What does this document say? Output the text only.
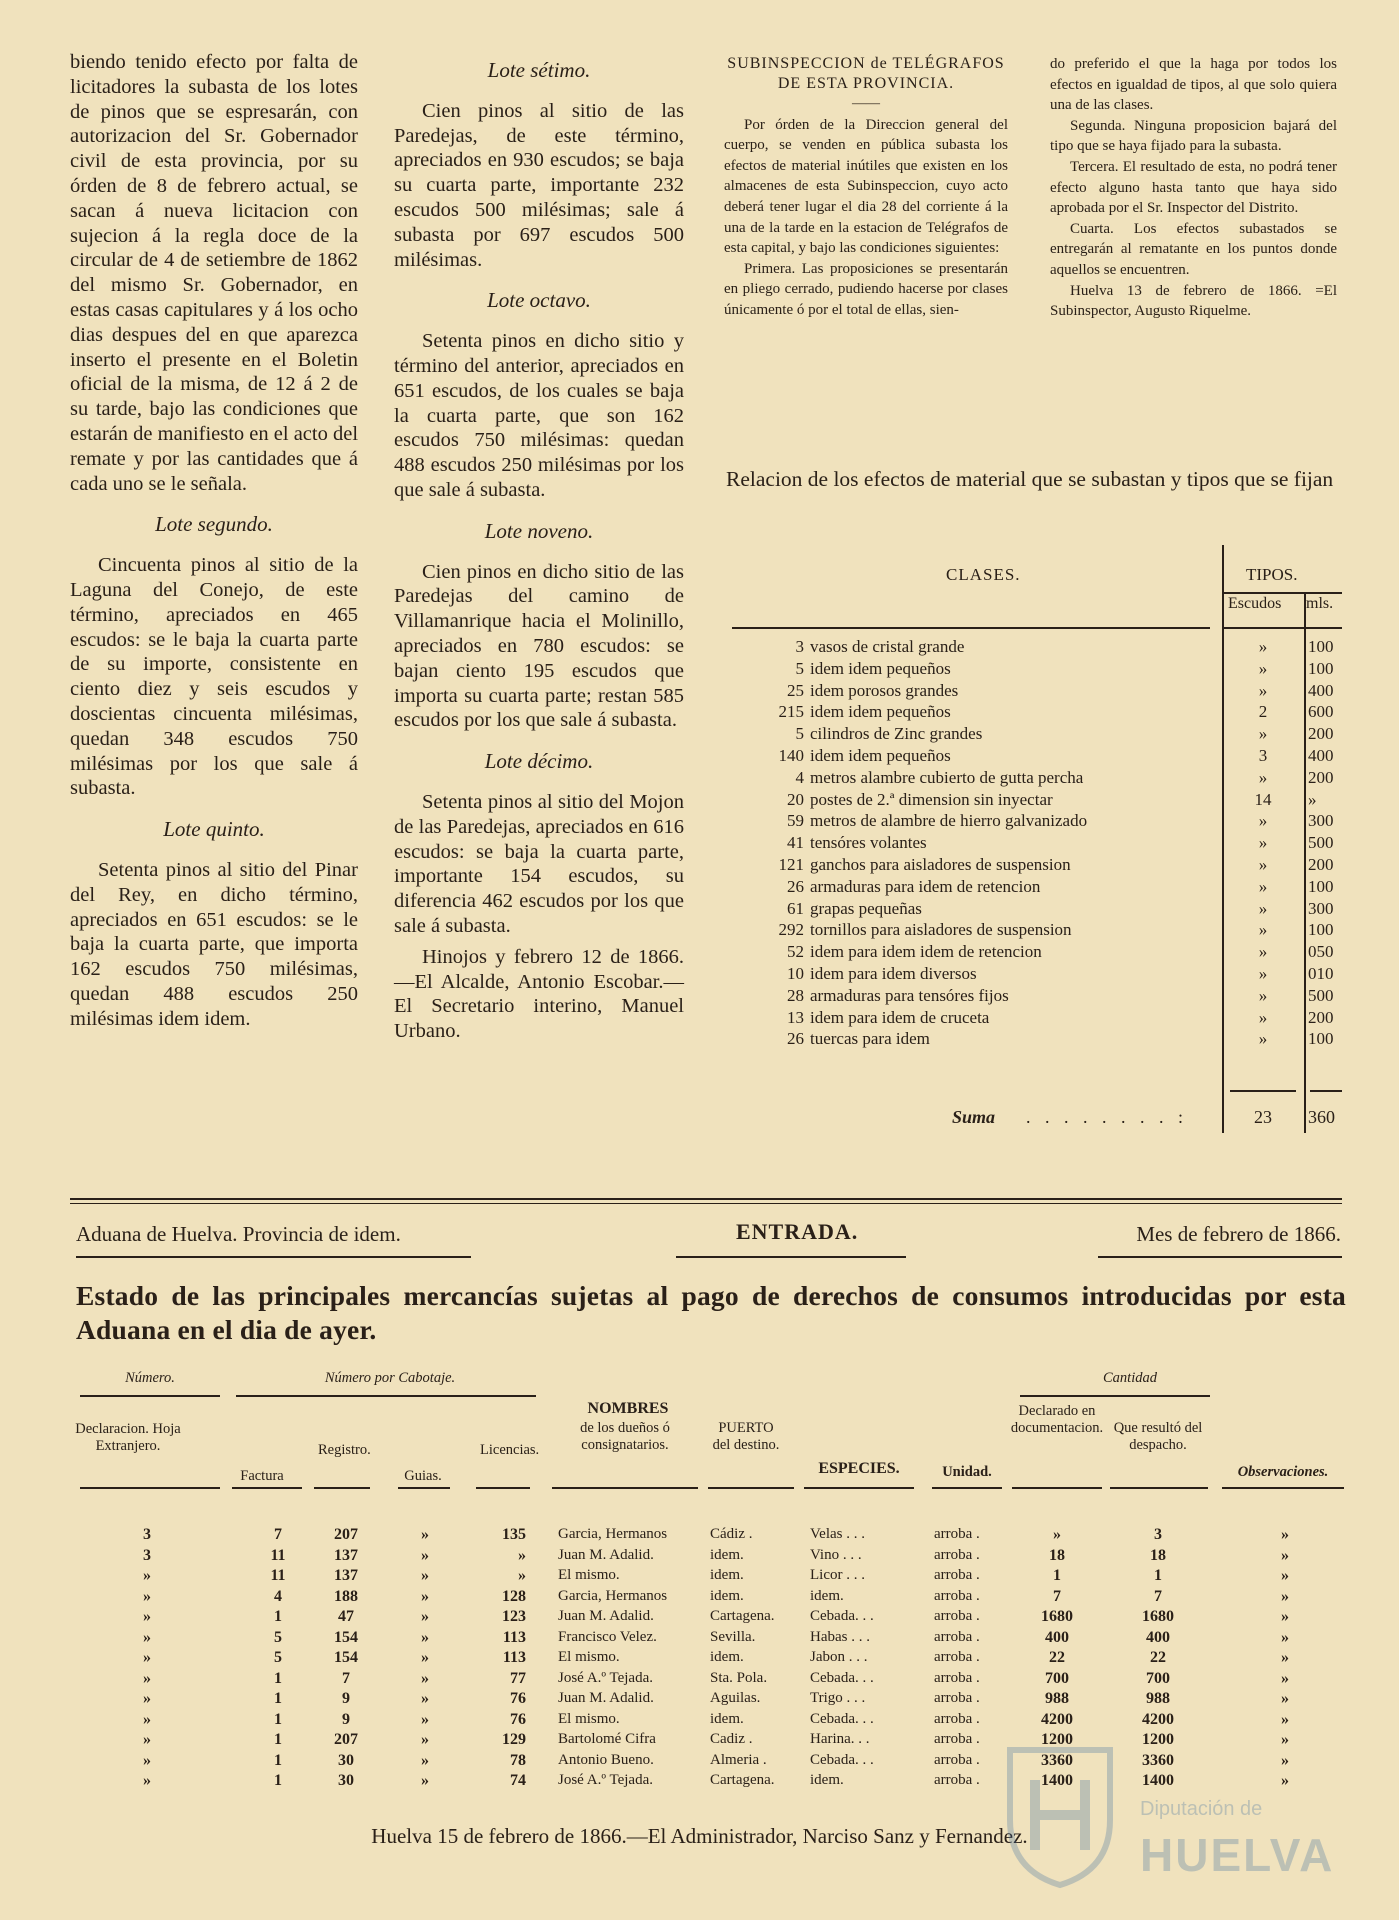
biendo tenido efecto por falta de licitadores la subasta de los lotes de pinos que se espresarán, con autorizacion del Sr. Gobernador civil de esta provincia, por su órden de 8 de febrero actual, se sacan á nueva licitacion con sujecion á la regla doce de la circular de 4 de setiembre de 1862 del mismo Sr. Gobernador, en estas casas capitulares y á los ocho dias despues del en que aparezca inserto el presente en el Boletin oficial de la misma, de 12 á 2 de su tarde, bajo las condiciones que estarán de manifiesto en el acto del remate y por las cantidades que á cada uno se le señala.

Lote segundo.

Cincuenta pinos al sitio de la Laguna del Conejo, de este término, apreciados en 465 escudos: se le baja la cuarta parte de su importe, consistente en ciento diez y seis escudos y doscientas cincuenta milésimas, quedan 348 escudos 750 milésimas por los que sale á subasta.

Lote quinto.

Setenta pinos al sitio del Pinar del Rey, en dicho término, apreciados en 651 escudos: se le baja la cuarta parte, que importa 162 escudos 750 milésimas, quedan 488 escudos 250 milésimas idem idem.

Lote sétimo.

Cien pinos al sitio de las Paredejas, de este término, apreciados en 930 escudos; se baja su cuarta parte, importante 232 escudos 500 milésimas; sale á subasta por 697 escudos 500 milésimas.

Lote octavo.

Setenta pinos en dicho sitio y término del anterior, apreciados en 651 escudos, de los cuales se baja la cuarta parte, que son 162 escudos 750 milésimas: quedan 488 escudos 250 milésimas por los que sale á subasta.

Lote noveno.

Cien pinos en dicho sitio de las Paredejas del camino de Villamanrique hacia el Molinillo, apreciados en 780 escudos: se bajan ciento 195 escudos que importa su cuarta parte; restan 585 escudos por los que sale á subasta.

Lote décimo.

Setenta pinos al sitio del Mojon de las Paredejas, apreciados en 616 escudos: se baja la cuarta parte, importante 154 escudos, su diferencia 462 escudos por los que sale á subasta.

Hinojos y febrero 12 de 1866.—El Alcalde, Antonio Escobar.—El Secretario interino, Manuel Urbano.

SUBINSPECCION de TELÉGRAFOS DE ESTA PROVINCIA.

——

Por órden de la Direccion general del cuerpo, se venden en pública subasta los efectos de material inútiles que existen en los almacenes de esta Subinspeccion, cuyo acto deberá tener lugar el dia 28 del corriente á la una de la tarde en la estacion de Telégrafos de esta capital, y bajo las condiciones siguientes:

Primera. Las proposiciones se presentarán en pliego cerrado, pudiendo hacerse por clases únicamente ó por el total de ellas, sien-

do preferido el que la haga por todos los efectos en igualdad de tipos, al que solo quiera una de las clases.

Segunda. Ninguna proposicion bajará del tipo que se haya fijado para la subasta.

Tercera. El resultado de esta, no podrá tener efecto alguno hasta tanto que haya sido aprobada por el Sr. Inspector del Distrito.

Cuarta. Los efectos subastados se entregarán al rematante en los puntos donde aquellos se encuentren.

Huelva 13 de febrero de 1866. =El Subinspector, Augusto Riquelme.

Relacion de los efectos de material que se subastan y tipos que se fijan
CLASES.	TIPOS.
Escudos mls.
3 vasos de cristal grande	»	100
5 idem idem pequeños	»	100
25 idem porosos grandes	»	400
215 idem idem pequeños	2	600
5 cilindros de Zinc grandes	»	200
140 idem idem pequeños	3	400
4 metros alambre cubierto de gutta percha	»	200
20 postes de 2.ª dimension sin inyectar	14	»
59 metros de alambre de hierro galvanizado	»	300
41 tensóres volantes	»	500
121 ganchos para aisladores de suspension	»	200
26 armaduras para idem de retencion	»	100
61 grapas pequeñas	»	300
292 tornillos para aisladores de suspension	»	100
52 idem para idem idem de retencion	»	050
10 idem para idem diversos	»	010
28 armaduras para tensóres fijos	»	500
13 idem para idem de cruceta	»	200
26 tuercas para idem	»	100
Suma . . . . . . . . :	23	360
Aduana de Huelva. Provincia de idem.	ENTRADA.	Mes de febrero de 1866.
Estado de las principales mercancías sujetas al pago de derechos de consumos introducidas por esta Aduana en el dia de ayer.
Número.	Número por Cabotaje.	Cantidad
Declaracion. Hoja Extranjero.
Factura
Registro.
Guias.
Licencias.
NOMBRES
de los dueños ó consignatarios.
PUERTO del destino.
ESPECIES.	Unidad.
Declarado en documentacion. Que resultó del despacho.
Observaciones.
3	7	207	»	135 Garcia, Hermanos	Cádiz .	Velas . . .	arroba .	»	3	»
3	11	137	»	» Juan M. Adalid.	idem.	Vino . . .	arroba .	18	18	»
»	11	137	»	» El mismo.	idem.	Licor . . .	arroba .	1	1	»
»	4	188	»	128 Garcia, Hermanos	idem.	idem.	arroba .	7	7	»
»	1	47	»	123 Juan M. Adalid.	Cartagena.	Cebada. . .	arroba .	1680	1680	»
»	5	154	»	113 Francisco Velez.	Sevilla.	Habas . . .	arroba .	400	400	»
»	5	154	»	113 El mismo.	idem.	Jabon . . .	arroba .	22	22	»
»	1	7	»	77 José A.º Tejada.	Sta. Pola.	Cebada. . .	arroba .	700	700	»
»	1	9	»	76 Juan M. Adalid.	Aguilas.	Trigo . . .	arroba .	988	988	»
»	1	9	»	76 El mismo.	idem.	Cebada. . .	arroba .	4200	4200	»
»	1	207	»	129 Bartolomé Cifra	Cadiz .	Harina. . .	arroba .	1200	1200	»
»	1	30	»	78 Antonio Bueno.	Almeria .	Cebada. . .	arroba .	3360	3360	»
»	1	30	»	74 José A.º Tejada.	Cartagena.	idem.	arroba .	1400	1400	»
Huelva 15 de febrero de 1866.—El Administrador, Narciso Sanz y Fernandez.
Diputación de
HUELVA
